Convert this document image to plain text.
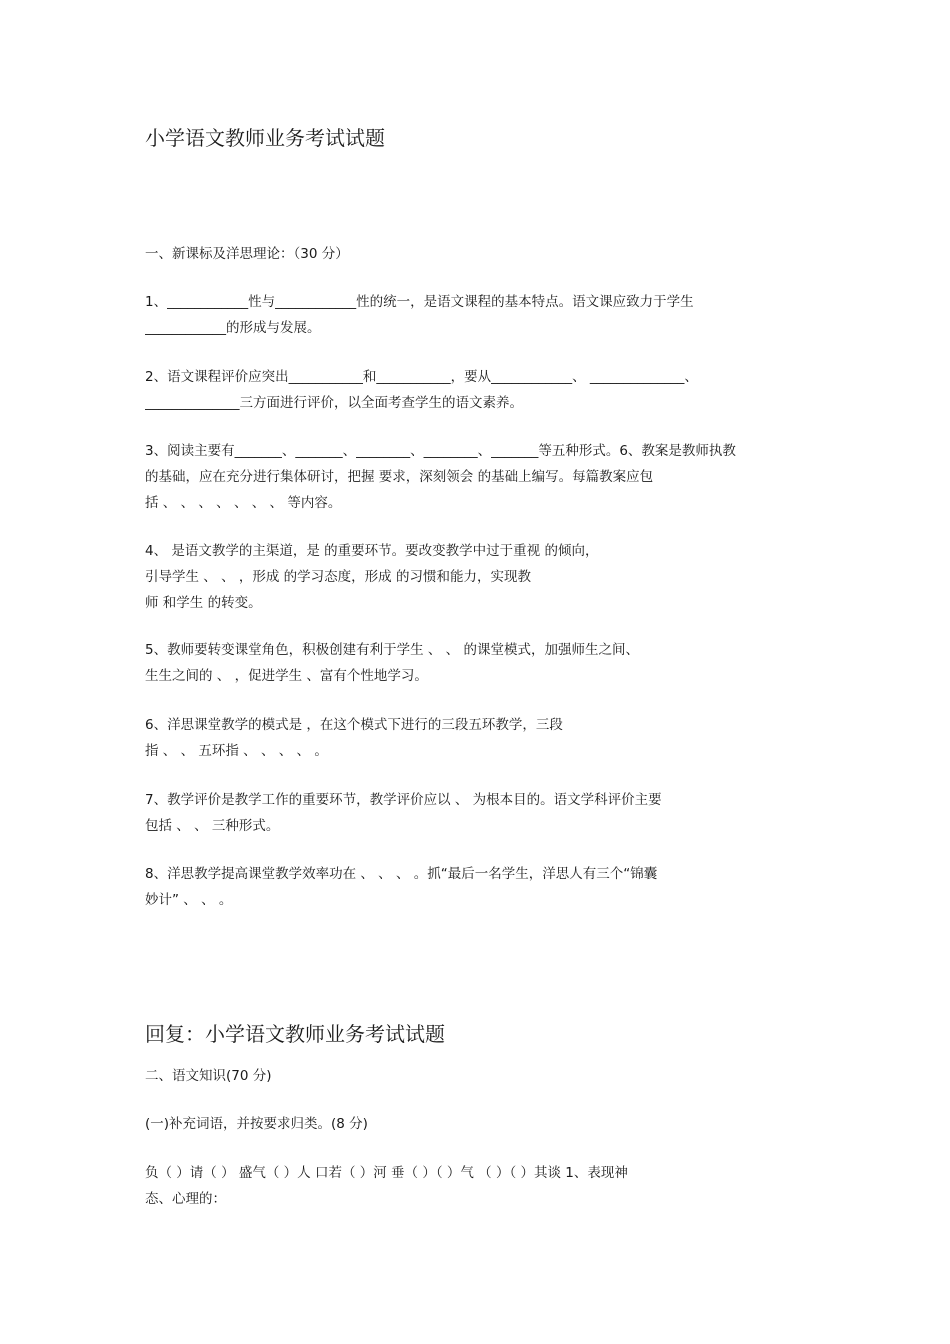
小学语文教师业务考试试题

一、新课标及洋思理论：（30 分）

1、____________性与____________性的统一，是语文课程的基本特点。语文课应致力于学生
____________的形成与发展。
2、语文课程评价应突出___________和___________，要从____________、 ______________、
______________三方面进行评价，以全面考查学生的语文素养。
3、阅读主要有_______、_______、________、________、_______等五种形式。6、教案是教师执教
的基础，应在充分进行集体研讨，把握 要求，深刻领会 的基础上编写。每篇教案应包
括 、 、 、 、 、 、 、 等内容。
4、 是语文教学的主渠道，是 的重要环节。要改变教学中过于重视 的倾向，
引导学生 、 、 ，形成 的学习态度，形成 的习惯和能力，实现教
师 和学生 的转变。
5、教师要转变课堂角色，积极创建有利于学生 、 、 的课堂模式，加强师生之间、
生生之间的 、 ，促进学生 、富有个性地学习。
6、洋思课堂教学的模式是 ，在这个模式下进行的三段五环教学，三段
指 、 、 五环指 、 、 、 、 。
7、教学评价是教学工作的重要环节，教学评价应以 、 为根本目的。语文学科评价主要
包括 、 、 三种形式。
8、洋思教学提高课堂教学效率功在 、 、 、 。抓“最后一名学生，洋思人有三个“锦囊
妙计” 、 、 。
回复：小学语文教师业务考试试题

二、语文知识(70 分)

(一)补充词语，并按要求归类。(8 分)

负（ ）请（ ） 盛气（ ）人 口若（ ）河 垂（ ）（ ）气 （ ）（ ）其谈 1、表现神
态、心理的：
